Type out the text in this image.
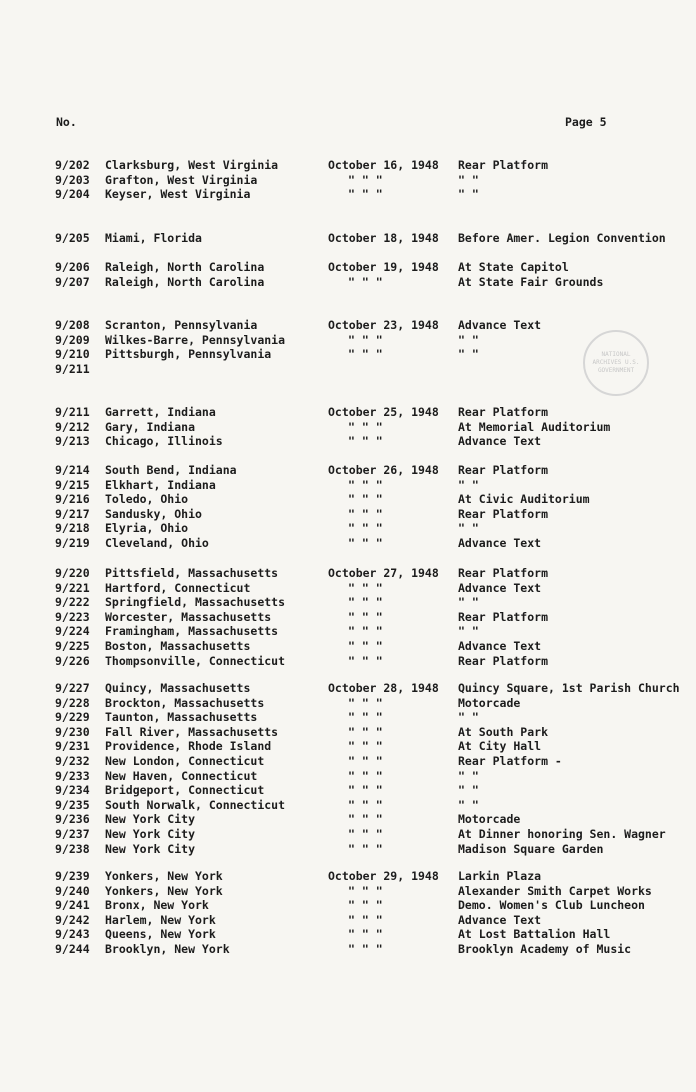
No.	Page 5
NATIONAL ARCHIVES U.S. GOVERNMENT
9/202 Clarksburg, West Virginia	October 16, 1948 Rear Platform
9/203 Grafton, West Virginia	" " "	" "
9/204 Keyser, West Virginia	" " "	" "
9/205 Miami, Florida	October 18, 1948 Before Amer. Legion Convention
9/206 Raleigh, North Carolina	October 19, 1948 At State Capitol
9/207 Raleigh, North Carolina	" " "	At State Fair Grounds
9/208 Scranton, Pennsylvania	October 23, 1948 Advance Text
9/209 Wilkes-Barre, Pennsylvania	" " "	" "
9/210 Pittsburgh, Pennsylvania	" " "	" "
9/211
9/211 Garrett, Indiana	October 25, 1948 Rear Platform
9/212 Gary, Indiana	" " "	At Memorial Auditorium
9/213 Chicago, Illinois	" " "	Advance Text
9/214 South Bend, Indiana	October 26, 1948 Rear Platform
9/215 Elkhart, Indiana	" " "	" "
9/216 Toledo, Ohio	" " "	At Civic Auditorium
9/217 Sandusky, Ohio	" " "	Rear Platform
9/218 Elyria, Ohio	" " "	" "
9/219 Cleveland, Ohio	" " "	Advance Text
9/220 Pittsfield, Massachusetts	October 27, 1948 Rear Platform
9/221 Hartford, Connecticut	" " "	Advance Text
9/222 Springfield, Massachusetts	" " "	" "
9/223 Worcester, Massachusetts	" " "	Rear Platform
9/224 Framingham, Massachusetts	" " "	" "
9/225 Boston, Massachusetts	" " "	Advance Text
9/226 Thompsonville, Connecticut	" " "	Rear Platform
9/227 Quincy, Massachusetts	October 28, 1948 Quincy Square, 1st Parish Church
9/228 Brockton, Massachusetts	" " "	Motorcade
9/229 Taunton, Massachusetts	" " "	" "
9/230 Fall River, Massachusetts	" " "	At South Park
9/231 Providence, Rhode Island	" " "	At City Hall
9/232 New London, Connecticut	" " "	Rear Platform -
9/233 New Haven, Connecticut	" " "	" "
9/234 Bridgeport, Connecticut	" " "	" "
9/235 South Norwalk, Connecticut	" " "	" "
9/236 New York City	" " "	Motorcade
9/237 New York City	" " "	At Dinner honoring Sen. Wagner
9/238 New York City	" " "	Madison Square Garden
9/239 Yonkers, New York	October 29, 1948 Larkin Plaza
9/240 Yonkers, New York	" " "	Alexander Smith Carpet Works
9/241 Bronx, New York	" " "	Demo. Women's Club Luncheon
9/242 Harlem, New York	" " "	Advance Text
9/243 Queens, New York	" " "	At Lost Battalion Hall
9/244 Brooklyn, New York	" " "	Brooklyn Academy of Music
